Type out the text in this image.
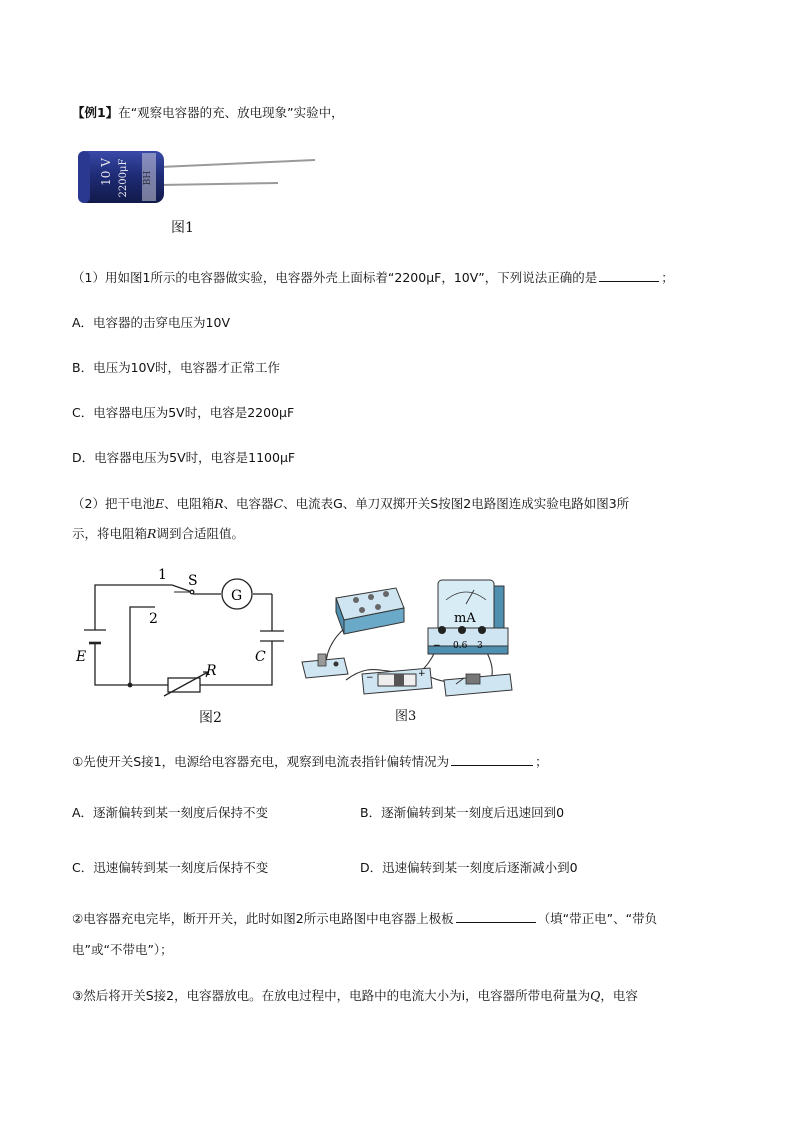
【例1】在“观察电容器的充、放电现象”实验中，
10 V 2200μF BH
图1
（1）用如图1所示的电容器做实验，电容器外壳上面标着“2200μF，10V”，下列说法正确的是	；
A．电容器的击穿电压为10V
B．电压为10V时，电容器才正常工作
C．电容器电压为5V时，电容是2200μF
D．电容器电压为5V时，电容是1100μF
（2）把干电池E、电阻箱R、电容器C、电流表G、单刀双掷开关S按图2电路图连成实验电路如图3所
示，将电阻箱R调到合适阻值。
1 S
2
G
E
R
C
图2
mA
− 0.6 3
−	+
图3
①先使开关S接1，电源给电容器充电，观察到电流表指针偏转情况为	；
A．逐渐偏转到某一刻度后保持不变	B．逐渐偏转到某一刻度后迅速回到0
C．迅速偏转到某一刻度后保持不变	D．迅速偏转到某一刻度后逐渐减小到0
②电容器充电完毕，断开开关，此时如图2所示电路图中电容器上极板	（填“带正电”、“带负
电”或“不带电”）；
③然后将开关S接2，电容器放电。在放电过程中，电路中的电流大小为i，电容器所带电荷量为Q，电容
